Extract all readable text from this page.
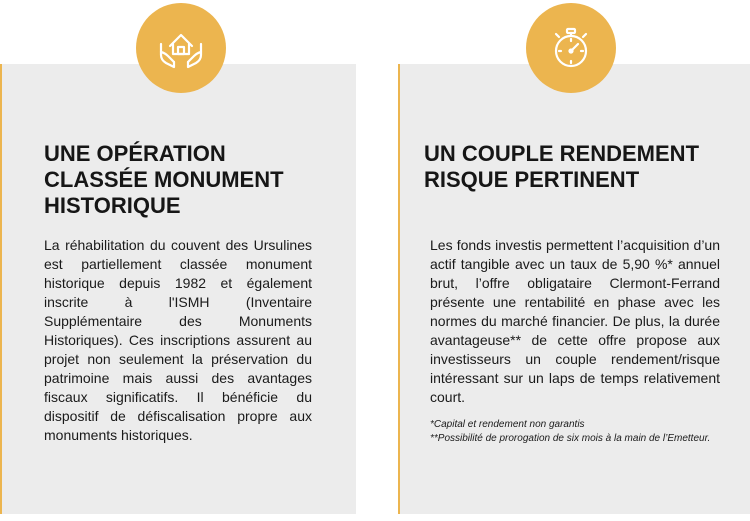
UNE OPÉRATION CLASSÉE MONUMENT HISTORIQUE

La réhabilitation du couvent des Ursulines est partiellement classée monument historique depuis 1982 et également inscrite à l'ISMH (Inventaire Supplémentaire des Monuments Historiques). Ces inscriptions assurent au projet non seulement la préservation du patrimoine mais aussi des avantages fiscaux significatifs. Il bénéficie du dispositif de défiscalisation propre aux monuments historiques.

UN COUPLE RENDEMENT RISQUE PERTINENT

Les fonds investis permettent l’acquisition d’un actif tangible avec un taux de 5,90 %* annuel brut, l’offre obligataire Clermont-Ferrand présente une rentabilité en phase avec les normes du marché financier. De plus, la durée avantageuse** de cette offre propose aux investisseurs un couple rendement/risque intéressant sur un laps de temps relativement court.

*Capital et rendement non garantis

**Possibilité de prorogation de six mois à la main de l’Emetteur.
